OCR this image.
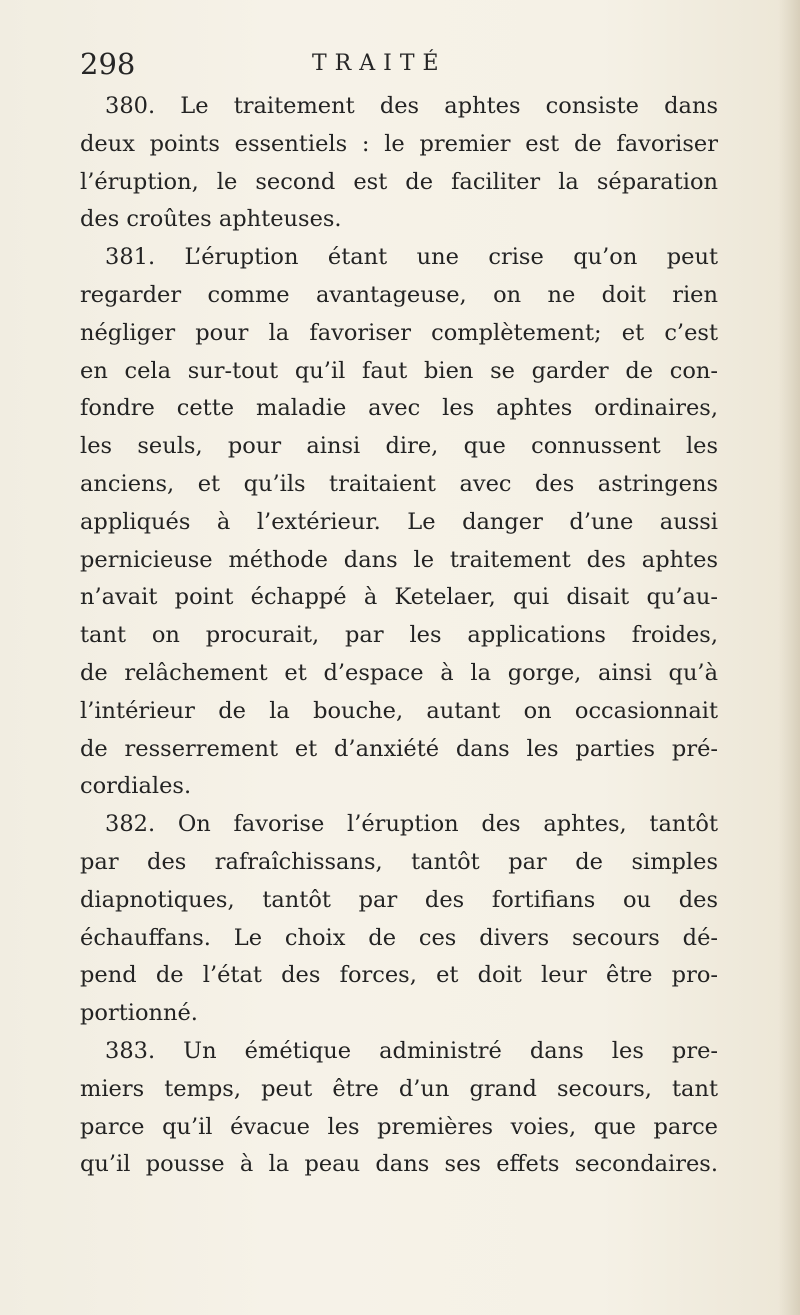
298	TRAITÉ

380. Le traitement des aphtes consiste dans
deux points essentiels : le premier est de favoriser
l’éruption, le second est de faciliter la séparation
des croûtes aphteuses.

381. L’éruption étant une crise qu’on peut
regarder comme avantageuse, on ne doit rien
négliger pour la favoriser complètement; et c’est
en cela sur-tout qu’il faut bien se garder de con-
fondre cette maladie avec les aphtes ordinaires,
les seuls, pour ainsi dire, que connussent les
anciens, et qu’ils traitaient avec des astringens
appliqués à l’extérieur. Le danger d’une aussi
pernicieuse méthode dans le traitement des aphtes
n’avait point échappé à Ketelaer, qui disait qu’au-
tant on procurait, par les applications froides,
de relâchement et d’espace à la gorge, ainsi qu’à
l’intérieur de la bouche, autant on occasionnait
de resserrement et d’anxiété dans les parties pré-
cordiales.

382. On favorise l’éruption des aphtes, tantôt
par des rafraîchissans, tantôt par de simples
diapnotiques, tantôt par des fortifians ou des
échauffans. Le choix de ces divers secours dé-
pend de l’état des forces, et doit leur être pro-
portionné.

383. Un émétique administré dans les pre-
miers temps, peut être d’un grand secours, tant
parce qu’il évacue les premières voies, que parce
qu’il pousse à la peau dans ses effets secondaires.
